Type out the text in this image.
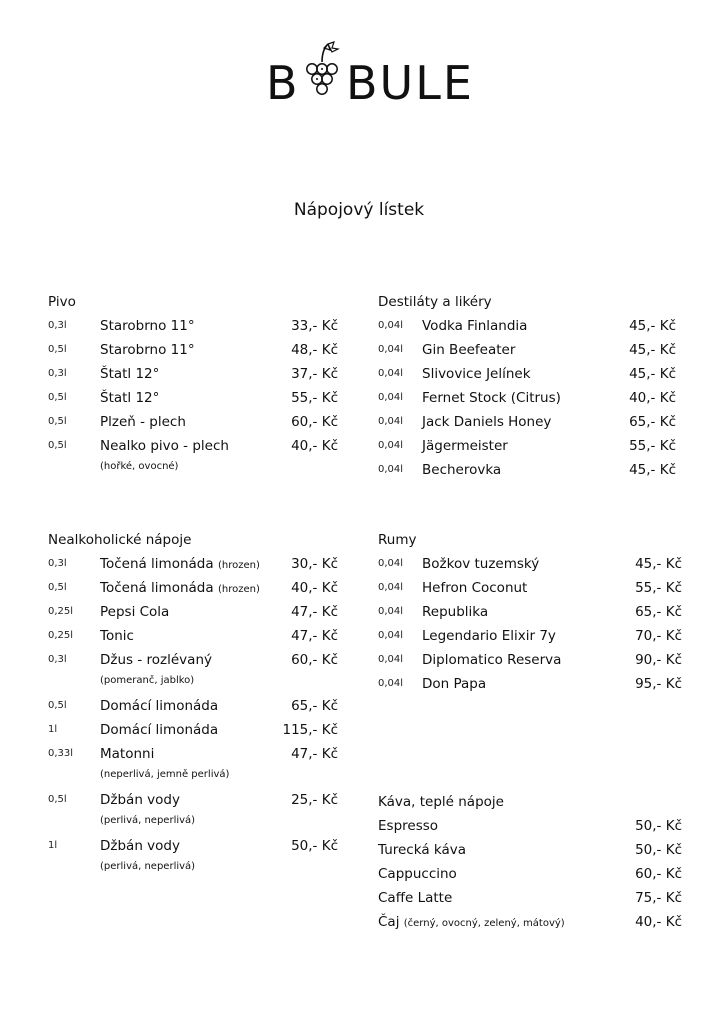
B BULE
Nápojový lístek
Pivo
0,3l Starobrno 11°	33,- Kč
0,5l Starobrno 11°	48,- Kč
0,3l Štatl 12°	37,- Kč
0,5l Štatl 12°	55,- Kč
0,5l Plzeň - plech	60,- Kč
0,5l Nealko pivo - plech	40,- Kč
(hořké, ovocné)
Destiláty a likéry
0,04l Vodka Finlandia	45,- Kč
0,04l Gin Beefeater	45,- Kč
0,04l Slivovice Jelínek	45,- Kč
0,04l Fernet Stock (Citrus)	40,- Kč
0,04l Jack Daniels Honey	65,- Kč
0,04l Jägermeister	55,- Kč
0,04l Becherovka	45,- Kč
Nealkoholické nápoje
0,3l Točená limonáda (hrozen) 30,- Kč
0,5l Točená limonáda (hrozen) 40,- Kč
0,25l Pepsi Cola	47,- Kč
0,25l Tonic	47,- Kč
0,3l Džus - rozlévaný	60,- Kč
(pomeranč, jablko)
0,5l Domácí limonáda	65,- Kč
1l	Domácí limonáda	115,- Kč
0,33l Matonni	47,- Kč
(neperlivá, jemně perlivá)
0,5l Džbán vody	25,- Kč
(perlivá, neperlivá)
1l	Džbán vody	50,- Kč
(perlivá, neperlivá)
Rumy
0,04l Božkov tuzemský	45,- Kč
0,04l Hefron Coconut	55,- Kč
0,04l Republika	65,- Kč
0,04l Legendario Elixir 7y	70,- Kč
0,04l Diplomatico Reserva	90,- Kč
0,04l Don Papa	95,- Kč
Káva, teplé nápoje
Espresso	50,- Kč
Turecká káva	50,- Kč
Cappuccino	60,- Kč
Caffe Latte	75,- Kč
Čaj (černý, ovocný, zelený, mátový)	40,- Kč
